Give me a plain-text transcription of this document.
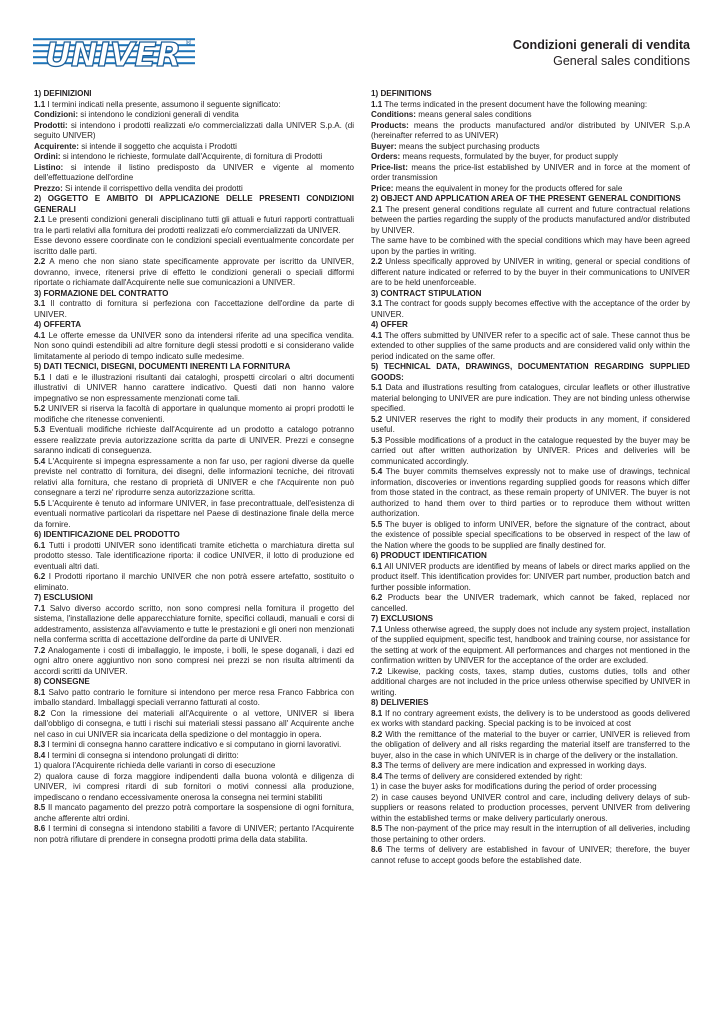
UNIVER ®	Condizioni generali di vendita
General sales conditions

1) DEFINIZIONI

1.1 I termini indicati nella presente, assumono il seguente significato:

Condizioni: si intendono le condizioni generali di vendita

Prodotti: si intendono i prodotti realizzati e/o commercializzati dalla UNIVER S.p.A. (di seguito UNIVER)

Acquirente: si intende il soggetto che acquista i Prodotti

Ordini: si intendono le richieste, formulate dall'Acquirente, di fornitura di Prodotti

Listino: si intende il listino predisposto da UNIVER e vigente al momento dell'effettuazione dell'ordine

Prezzo: Si intende il corrispettivo della vendita dei prodotti

2) OGGETTO E AMBITO DI APPLICAZIONE DELLE PRESENTI CONDIZIONI GENERALI

2.1 Le presenti condizioni generali disciplinano tutti gli attuali e futuri rapporti contrattuali tra le parti relativi alla fornitura dei prodotti realizzati e/o commercializzati da UNIVER.

Esse devono essere coordinate con le condizioni speciali eventualmente concordate per iscritto dalle parti.

2.2 A meno che non siano state specificamente approvate per iscritto da UNIVER, dovranno, invece, ritenersi prive di effetto le condizioni generali o speciali difformi riportate o richiamate dall'Acquirente nelle sue comunicazioni a UNIVER.

3) FORMAZIONE DEL CONTRATTO

3.1 Il contratto di fornitura si perfeziona con l'accettazione dell'ordine da parte di UNIVER.

4) OFFERTA

4.1 Le offerte emesse da UNIVER sono da intendersi riferite ad una specifica vendita. Non sono quindi estendibili ad altre forniture degli stessi prodotti e si considerano valide limitatamente al periodo di tempo indicato sulle medesime.

5) DATI TECNICI, DISEGNI, DOCUMENTI INERENTI LA FORNITURA

5.1 I dati e le illustrazioni risultanti dai cataloghi, prospetti circolari o altri documenti illustrativi di UNIVER hanno carattere indicativo. Questi dati non hanno valore impegnativo se non espressamente menzionati come tali.

5.2 UNIVER si riserva la facoltà di apportare in qualunque momento ai propri prodotti le modifiche che ritenesse convenienti.

5.3 Eventuali modifiche richieste dall'Acquirente ad un prodotto a catalogo potranno essere realizzate previa autorizzazione scritta da parte di UNIVER. Prezzi e consegne saranno indicati di conseguenza.

5.4 L'Acquirente si impegna espressamente a non far uso, per ragioni diverse da quelle previste nel contratto di fornitura, dei disegni, delle informazioni tecniche, dei ritrovati relativi alla fornitura, che restano di proprietà di UNIVER e che l'Acquirente non può consegnare a terzi ne' riprodurre senza autorizzazione scritta.

5.5 L'Acquirente è tenuto ad informare UNIVER, in fase precontrattuale, dell'esistenza di eventuali normative particolari da rispettare nel Paese di destinazione finale della merce da fornire.

6) IDENTIFICAZIONE DEL PRODOTTO

6.1 Tutti i prodotti UNIVER sono identificati tramite etichetta o marchiatura diretta sul prodotto stesso. Tale identificazione riporta: il codice UNIVER, il lotto di produzione ed eventuali altri dati.

6.2 I Prodotti riportano il marchio UNIVER che non potrà essere artefatto, sostituito o eliminato.

7) ESCLUSIONI

7.1 Salvo diverso accordo scritto, non sono compresi nella fornitura il progetto del sistema, l'installazione delle apparecchiature fornite, specifici collaudi, manuali e corsi di addestramento, assistenza all'avviamento e tutte le prestazioni e gli oneri non menzionati nella conferma scritta di accettazione dell'ordine da parte di UNIVER.

7.2 Analogamente i costi di imballaggio, le imposte, i bolli, le spese doganali, i dazi ed ogni altro onere aggiuntivo non sono compresi nei prezzi se non risulta altrimenti da accordi scritti da UNIVER.

8) CONSEGNE

8.1 Salvo patto contrario le forniture si intendono per merce resa Franco Fabbrica con imballo standard. Imballaggi speciali verranno fatturati al costo.

8.2 Con la rimessione dei materiali all'Acquirente o al vettore, UNIVER si libera dall'obbligo di consegna, e tutti i rischi sui materiali stessi passano all' Acquirente anche nel caso in cui UNIVER sia incaricata della spedizione o del montaggio in opera.

8.3 I termini di consegna hanno carattere indicativo e si computano in giorni lavorativi.

8.4 I termini di consegna si intendono prolungati di diritto:

1) qualora l'Acquirente richieda delle varianti in corso di esecuzione

2) qualora cause di forza maggiore indipendenti dalla buona volontà e diligenza di UNIVER, ivi compresi ritardi di sub fornitori o motivi connessi alla produzione, impediscano o rendano eccessivamente onerosa la consegna nei termini stabiliti

8.5 Il mancato pagamento del prezzo potrà comportare la sospensione di ogni fornitura, anche afferente altri ordini.

8.6 I termini di consegna si intendono stabiliti a favore di UNIVER; pertanto l'Acquirente non potrà rifiutare di prendere in consegna prodotti prima della data stabilita.

1) DEFINITIONS

1.1 The terms indicated in the present document have the following meaning:

Conditions: means general sales conditions

Products: means the products manufactured and/or distributed by UNIVER S.p.A (hereinafter referred to as UNIVER)

Buyer: means the subject purchasing products

Orders: means requests, formulated by the buyer, for product supply

Price-list: means the price-list established by UNIVER and in force at the moment of order transmission

Price: means the equivalent in money for the products offered for sale

2) OBJECT AND APPLICATION AREA OF THE PRESENT GENERAL CONDITIONS

2.1 The present general conditions regulate all current and future contractual relations between the parties regarding the supply of the products manufactured and/or distributed by UNIVER.

The same have to be combined with the special conditions which may have been agreed upon by the parties in writing.

2.2 Unless specifically approved by UNIVER in writing, general or special conditions of different nature indicated or referred to by the buyer in their communications to UNIVER are to be held unenforceable.

3) CONTRACT STIPULATION

3.1 The contract for goods supply becomes effective with the acceptance of the order by UNIVER.

4) OFFER

4.1 The offers submitted by UNIVER refer to a specific act of sale. These cannot thus be extended to other supplies of the same products and are considered valid only within the period indicated on the same offer.

5) TECHNICAL DATA, DRAWINGS, DOCUMENTATION REGARDING SUPPLIED GOODS:

5.1 Data and illustrations resulting from catalogues, circular leaflets or other illustrative material belonging to UNIVER are pure indication. They are not binding unless otherwise specified.

5.2 UNIVER reserves the right to modify their products in any moment, if considered useful.

5.3 Possible modifications of a product in the catalogue requested by the buyer may be carried out after written authorization by UNIVER. Prices and deliveries will be communicated accordingly.

5.4 The buyer commits themselves expressly not to make use of drawings, technical information, discoveries or inventions regarding supplied goods for reasons which differ from those stated in the contract, as these remain property of UNIVER. The buyer is not authorized to hand them over to third parties or to reproduce them without written authorization.

5.5 The buyer is obliged to inform UNIVER, before the signature of the contract, about the existence of possible special specifications to be observed in respect of the law of the Nation where the goods to be supplied are finally destined for.

6) PRODUCT IDENTIFICATION

6.1 All UNIVER products are identified by means of labels or direct marks applied on the product itself. This identification provides for: UNIVER part number, production batch and further possible information.

6.2 Products bear the UNIVER trademark, which cannot be faked, replaced nor cancelled.

7) EXCLUSIONS

7.1 Unless otherwise agreed, the supply does not include any system project, installation of the supplied equipment, specific test, handbook and training course, nor assistance for the setting at work of the equipment. All performances and charges not mentioned in the confirmation written by UNIVER for the acceptance of the order are excluded.

7.2 Likewise, packing costs, taxes, stamp duties, customs duties, tolls and other additional charges are not included in the price unless otherwise specified by UNIVER in writing.

8) DELIVERIES

8.1 If no contrary agreement exists, the delivery is to be understood as goods delivered ex works with standard packing. Special packing is to be invoiced at cost

8.2 With the remittance of the material to the buyer or carrier, UNIVER is relieved from the obligation of delivery and all risks regarding the material itself are transferred to the buyer, also in the case in which UNIVER is in charge of the delivery or the installation.

8.3 The terms of delivery are mere indication and expressed in working days.

8.4 The terms of delivery are considered extended by right:

1) in case the buyer asks for modifications during the period of order processing

2) in case causes beyond UNIVER control and care, including delivery delays of sub-suppliers or reasons related to production processes, pervent UNIVER from delivering within the established terms or make delivery particularly onerous.

8.5 The non-payment of the price may result in the interruption of all deliveries, including those pertaining to other orders.

8.6 The terms of delivery are established in favour of UNIVER; therefore, the buyer cannot refuse to accept goods before the established date.
